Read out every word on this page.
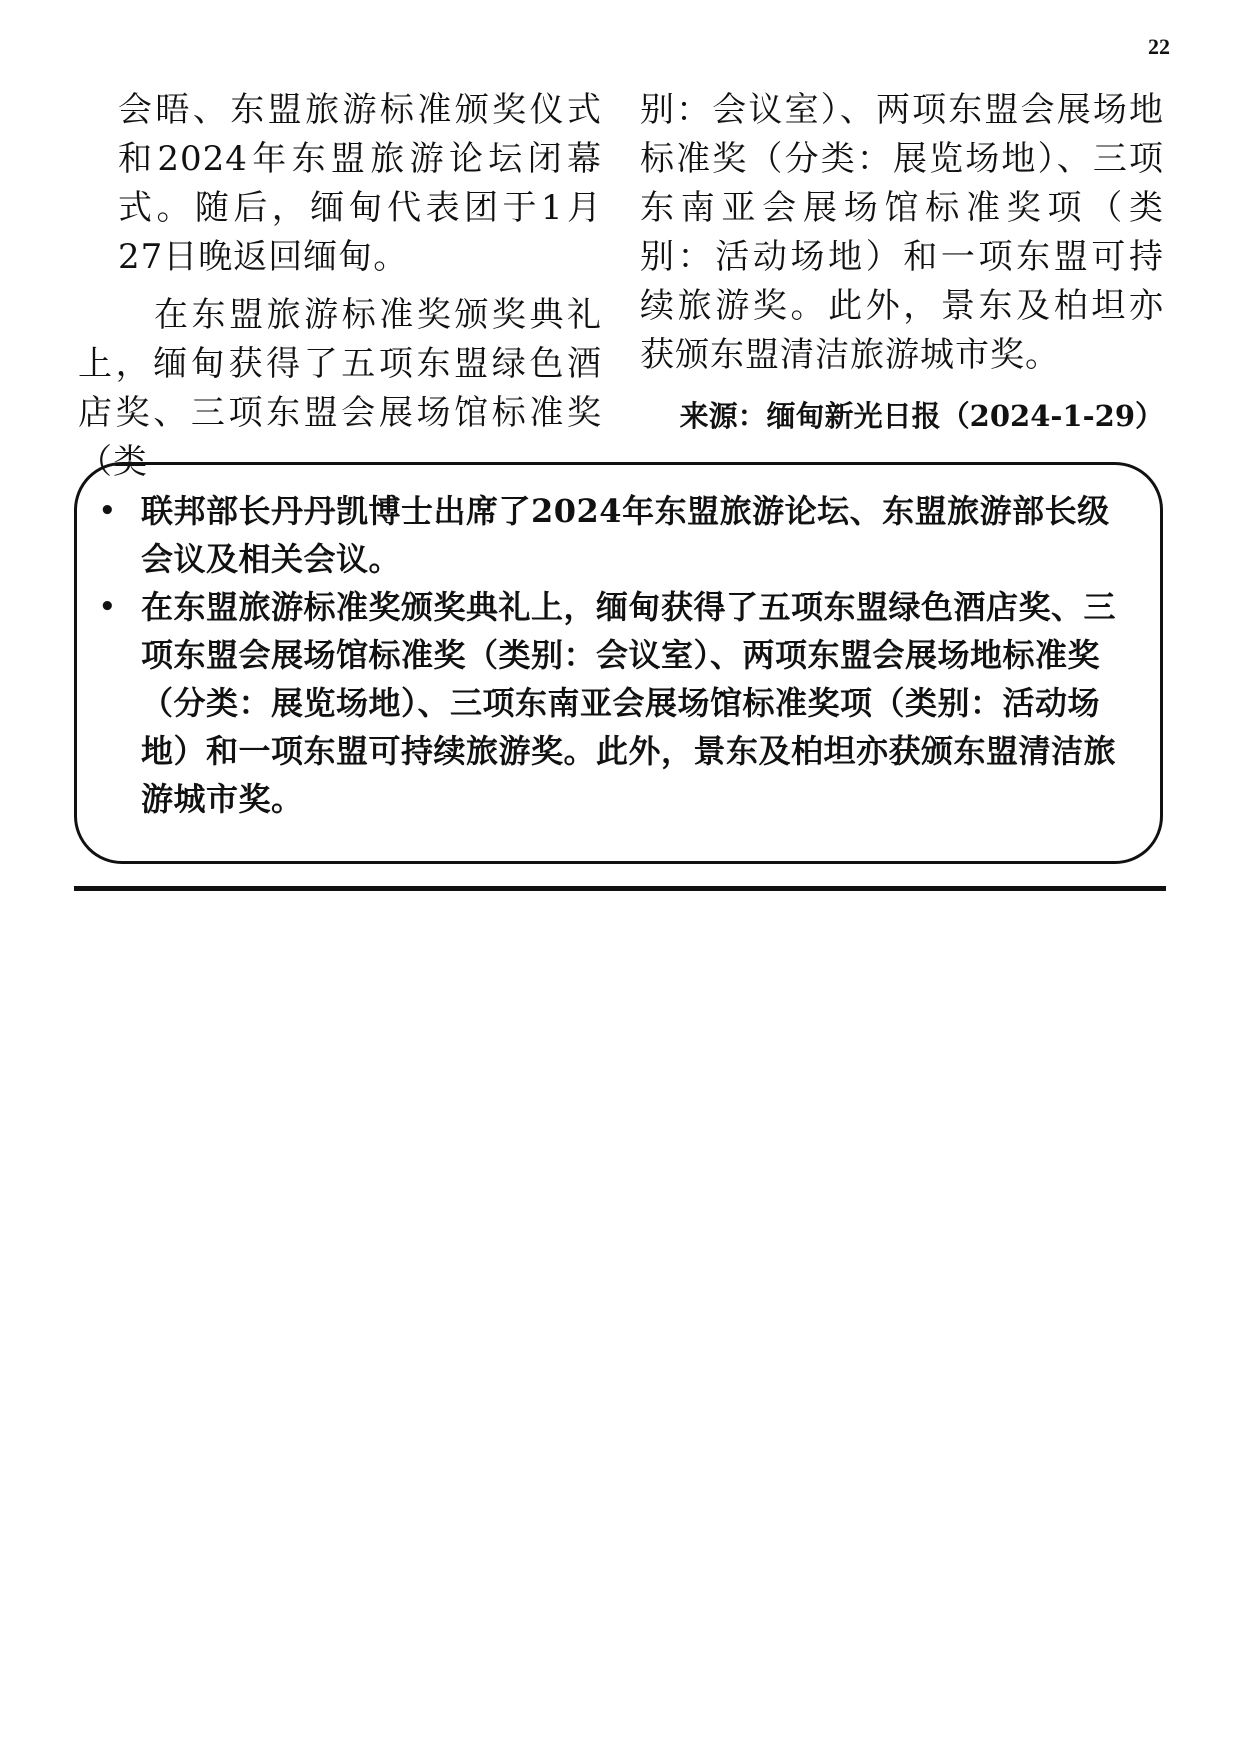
22

会晤、东盟旅游标准颁奖仪式和2024年东盟旅游论坛闭幕式。随后，缅甸代表团于1月27日晚返回缅甸。

在东盟旅游标准奖颁奖典礼上，缅甸获得了五项东盟绿色酒店奖、三项东盟会展场馆标准奖（类

别：会议室）、两项东盟会展场地标准奖（分类：展览场地）、三项东南亚会展场馆标准奖项（类别：活动场地）和一项东盟可持续旅游奖。此外，景东及柏坦亦获颁东盟清洁旅游城市奖。

来源：缅甸新光日报（2024-1-29）
• 联邦部长丹丹凯博士出席了2024年东盟旅游论坛、东盟旅游部长级会议及相关会议。
• 在东盟旅游标准奖颁奖典礼上，缅甸获得了五项东盟绿色酒店奖、三项东盟会展场馆标准奖（类别：会议室）、两项东盟会展场地标准奖（分类：展览场地）、三项东南亚会展场馆标准奖项（类别：活动场地）和一项东盟可持续旅游奖。此外，景东及柏坦亦获颁东盟清洁旅游城市奖。
